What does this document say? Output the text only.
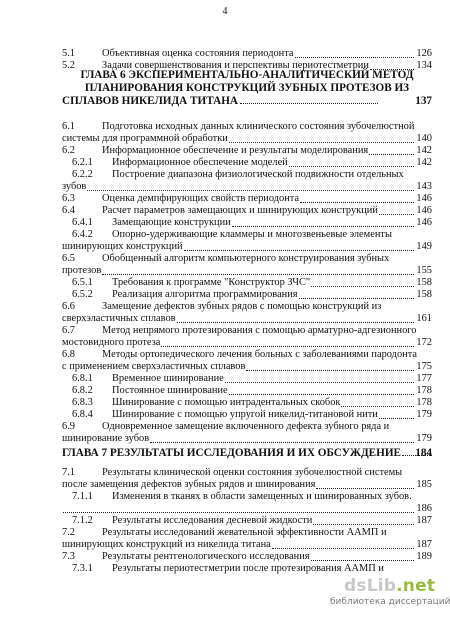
4
ГЛАВА 6 ЭКСПЕРИМЕНТАЛЬНО-АНАЛИТИЧЕСКИЙ МЕТОД
ПЛАНИРОВАНИЯ КОНСТРУКЦИЙ ЗУБНЫХ ПРОТЕЗОВ ИЗ
СПЛАВОВ НИКЕЛИДА ТИТАНА	137
ГЛАВА 7 РЕЗУЛЬТАТЫ ИССЛЕДОВАНИЯ И ИХ ОБСУЖДЕНИЕ 184
dsLib.net
библиотека диссертаций
5.1	Объективная оценка состояния периодонта	126
5.2	Задачи совершенствования и перспективы периотестметрии	134
6.1	Подготовка исходных данных клинического состояния зубочелюстной
системы для программной обработки	140
6.2	Информационное обеспечение и результаты моделирования	142
6.2.1 Информационное обеспечение моделей	142
6.2.2 Построение диапазона физиологической подвижности отдельных
зубов	143
6.3	Оценка демпфирующих свойств периодонта	146
6.4	Расчет параметров замещающих и шинирующих конструкций	146
6.4.1 Замещающие конструкции	146
6.4.2 Опорно-удерживающие кламмеры и многозвеньевые элементы
шинирующих конструкций	149
6.5	Обобщенный алгоритм компьютерного конструирования зубных
протезов	155
6.5.1 Требования к программе "Конструктор ЗЧС"	158
6.5.2 Реализация алгоритма программирования	158
6.6	Замещение дефектов зубных рядов с помощью конструкций из
сверхэластичных сплавов	161
6.7	Метод непрямого протезирования с помощью арматурно-адгезионного
мостовидного протеза	172
6.8	Методы ортопедического лечения больных с заболеваниями пародонта
с применением сверхэластичных сплавов	175
6.8.1 Временное шинирование	177
6.8.2 Постоянное шинирование	178
6.8.3 Шинирование с помощью интрадентальных скобок	178
6.8.4 Шинирование с помощью упругой никелид-титановой нити	179
6.9	Одновременное замещение включенного дефекта зубного ряда и
шинирование зубов	179
7.1	Результаты клинической оценки состояния зубочелюстной системы
после замещения дефектов зубных рядов и шинирования	185
7.1.1 Изменения в тканях в области замещенных и шинированных зубов.
186
7.1.2 Результаты исследования десневой жидкости	187
7.2	Результаты исследований жевательной эффективности ААМП и
шинирующих конструкций из никелида титана	187
7.3	Результаты рентгенологического исследования	189
7.3.1 Результаты периотестметрии после протезирования ААМП и
